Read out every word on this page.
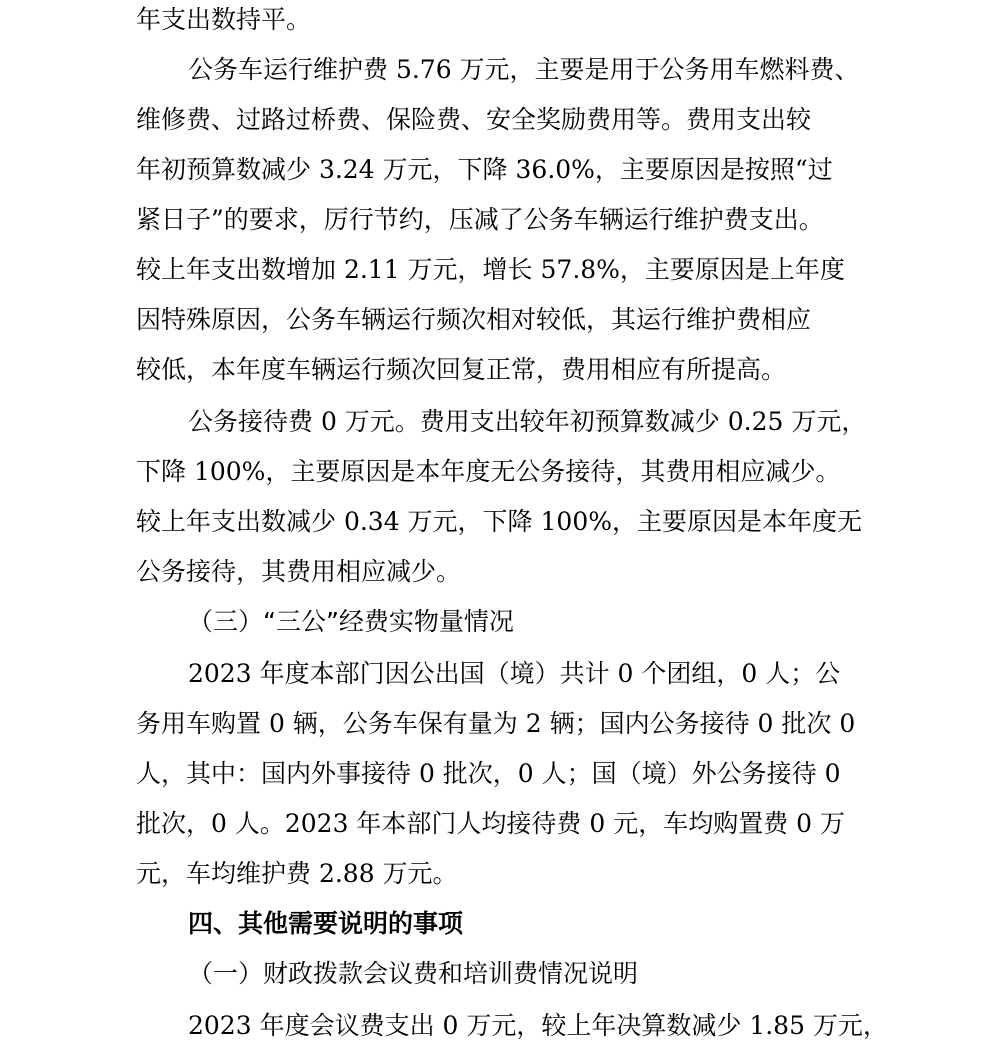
年支出数持平。
公务车运行维护费 5.76 万元，主要是用于公务用车燃料费、
维修费、过路过桥费、保险费、安全奖励费用等。费用支出较
年初预算数减少 3.24 万元，下降 36.0%，主要原因是按照“过
紧日子”的要求，厉行节约，压减了公务车辆运行维护费支出。
较上年支出数增加 2.11 万元，增长 57.8%，主要原因是上年度
因特殊原因，公务车辆运行频次相对较低，其运行维护费相应
较低，本年度车辆运行频次回复正常，费用相应有所提高。
公务接待费 0 万元。费用支出较年初预算数减少 0.25 万元，
下降 100%，主要原因是本年度无公务接待，其费用相应减少。
较上年支出数减少 0.34 万元，下降 100%，主要原因是本年度无
公务接待，其费用相应减少。
（三）“三公”经费实物量情况
2023 年度本部门因公出国（境）共计 0 个团组，0 人；公
务用车购置 0 辆，公务车保有量为 2 辆；国内公务接待 0 批次 0
人，其中：国内外事接待 0 批次，0 人；国（境）外公务接待 0
批次，0 人。2023 年本部门人均接待费 0 元，车均购置费 0 万
元，车均维护费 2.88 万元。
四、其他需要说明的事项
（一）财政拨款会议费和培训费情况说明
2023 年度会议费支出 0 万元，较上年决算数减少 1.85 万元，
